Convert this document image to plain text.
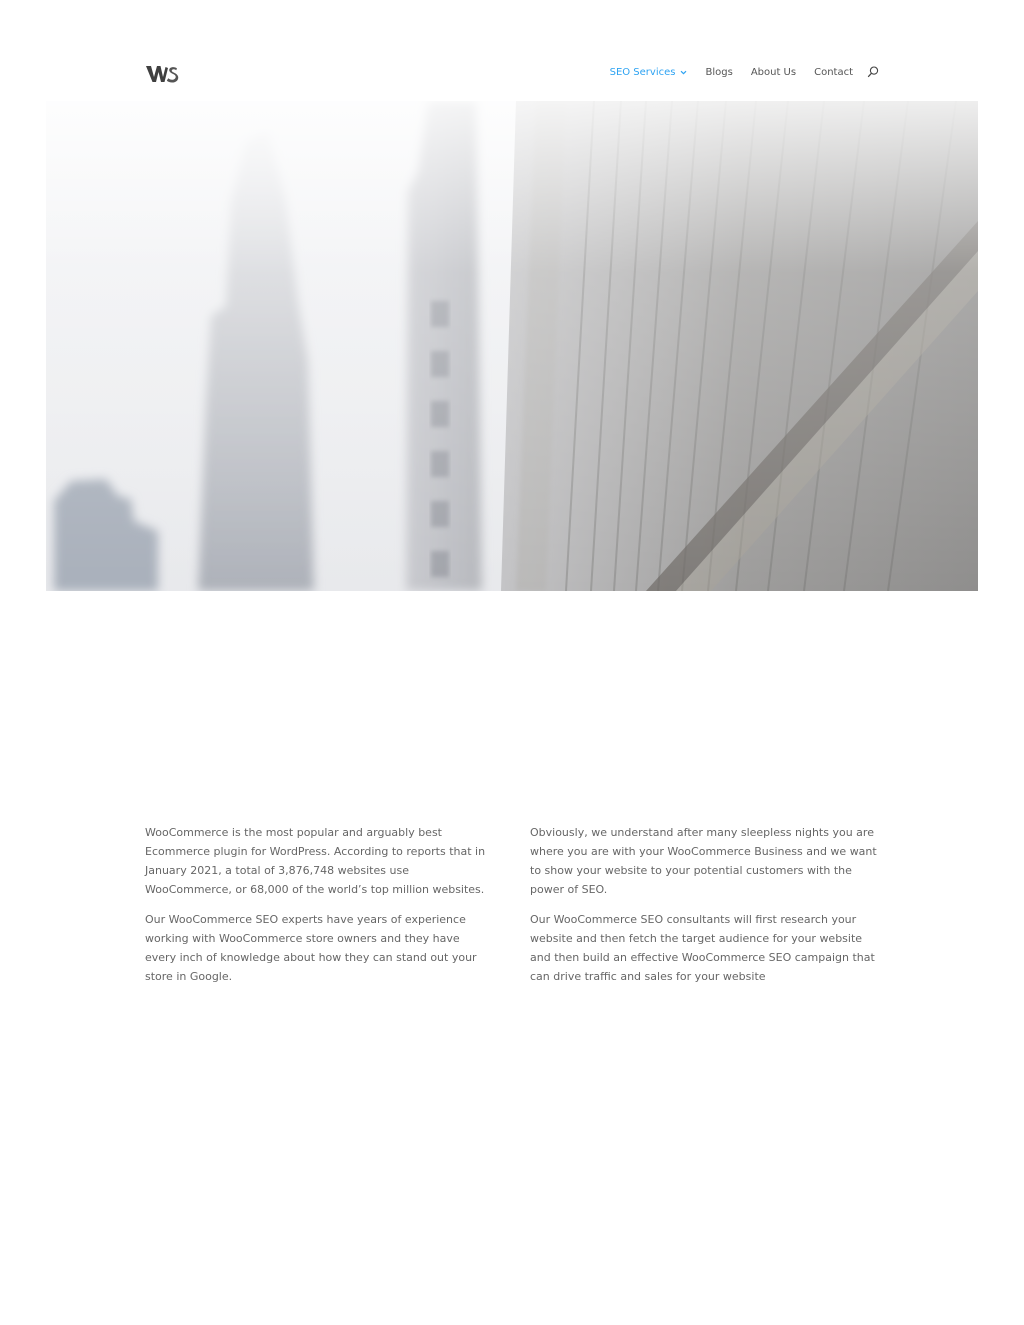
SEO Services	Blogs About Us Contact

WooCommerce is the most popular and arguably best Ecommerce plugin for WordPress. According to reports that in January 2021, a total of 3,876,748 websites use WooCommerce, or 68,000 of the world’s top million websites.

Our WooCommerce SEO experts have years of experience working with WooCommerce store owners and they have every inch of knowledge about how they can stand out your store in Google.

Obviously, we understand after many sleepless nights you are where you are with your WooCommerce Business and we want to show your website to your potential customers with the power of SEO.

Our WooCommerce SEO consultants will first research your website and then fetch the target audience for your website and then build an effective WooCommerce SEO campaign that can drive traffic and sales for your website
